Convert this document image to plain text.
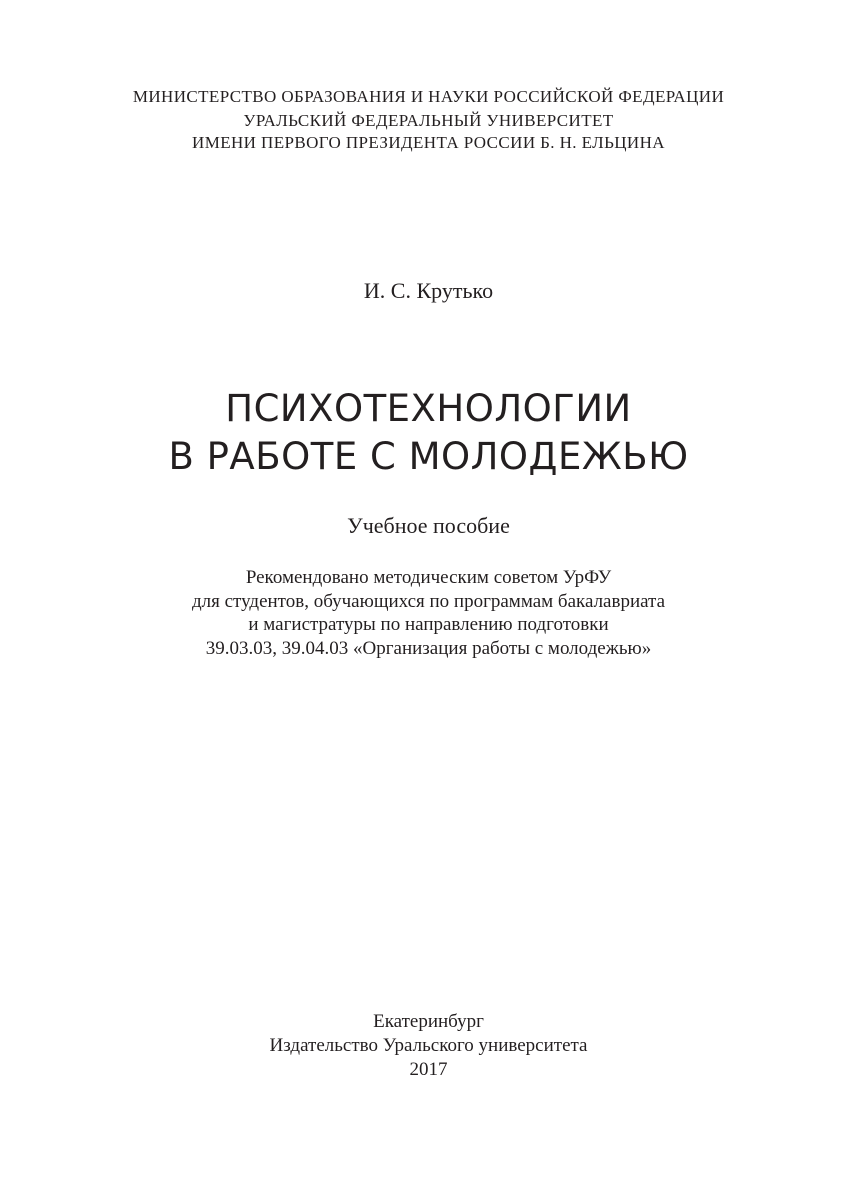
МИНИСТЕРСТВО ОБРАЗОВАНИЯ И НАУКИ РОССИЙСКОЙ ФЕДЕРАЦИИ
УРАЛЬСКИЙ ФЕДЕРАЛЬНЫЙ УНИВЕРСИТЕТ
ИМЕНИ ПЕРВОГО ПРЕЗИДЕНТА РОССИИ Б. Н. ЕЛЬЦИНА
И. С. Крутько
ПСИХОТЕХНОЛОГИИ
В РАБОТЕ С МОЛОДЕЖЬЮ
Учебное пособие
Рекомендовано методическим советом УрФУ
для студентов, обучающихся по программам бакалавриата
и магистратуры по направлению подготовки
39.03.03, 39.04.03 «Организация работы с молодежью»
Екатеринбург
Издательство Уральского университета
2017
